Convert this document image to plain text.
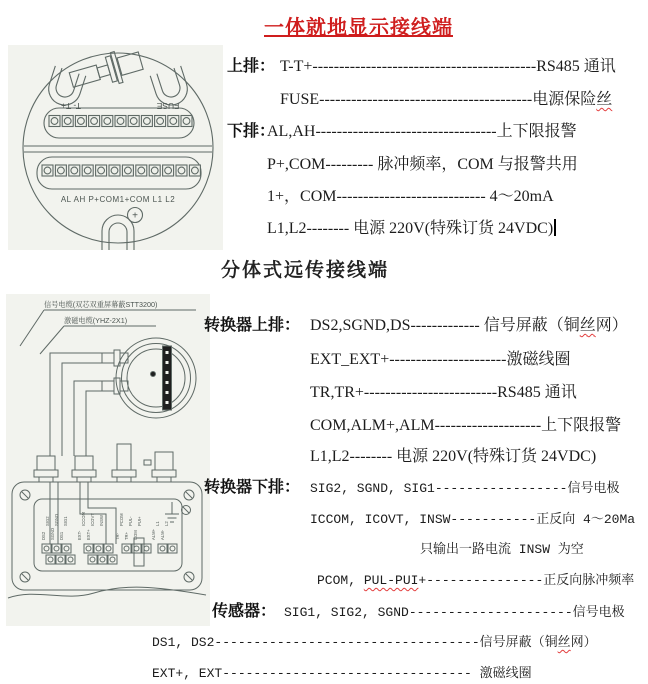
一体就地显示接线端
T- T+	FUSE
AL AH P+COM1+COM L1 L2
+
上排： T-T+------------------------------------------RS485 通讯
FUSE----------------------------------------电源保险丝
下排：
AL,AH----------------------------------上下限报警
P+,COM--------- 脉冲频率，COM 与报警共用
1+，COM---------------------------- 4～20mA
L1,L2-------- 电源 220V(特殊订货 24VDC)
分体式远传接线端
信号电缆(双芯双重屏幕蔽STT3200)
激磁电缆(YHZ-2X1)
DS2 SGND DS1	EXT- EXT+	TR- TR+ COM	ALM+ ALM-
SIG2 SGND SIG1	ICCOM ICOVT INSW	PCOM PUL- PUI+	L1 L2
转换器上排： DS2,SGND,DS------------- 信号屏蔽（铜丝网）
EXT_EXT+----------------------激磁线圈
TR,TR+-------------------------RS485 通讯
COM,ALM+,ALM--------------------上下限报警
L1,L2-------- 电源 220V(特殊订货 24VDC)
转换器下排： SIG2, SGND, SIG1-----------------信号电极
ICCOM, ICOVT, INSW-----------正反向 4～20Ma
只输出一路电流 INSW 为空
PCOM, PUL-PUI+---------------正反向脉冲频率
传感器： SIG1, SIG2, SGND---------------------信号电极
DS1, DS2----------------------------------信号屏蔽（铜丝网）
EXT+, EXT-------------------------------- 激磁线圈
